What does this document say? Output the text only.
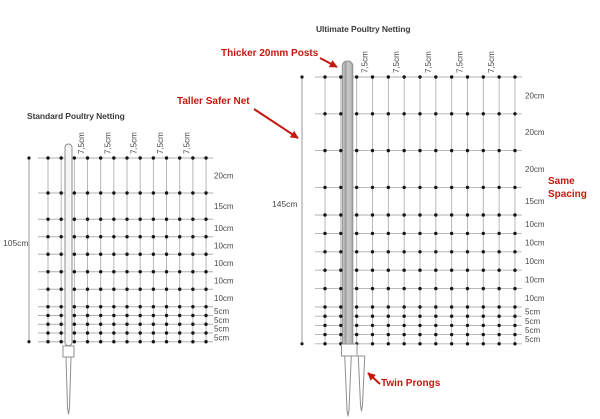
105cm
20cm
15cm
10cm
10cm
10cm
10cm
10cm
5cm
5cm
5cm
5cm
7,5cm 7,5cm 7,5cm 7,5cm 7,5cm
145cm
20cm
20cm
20cm
15cm
10cm
10cm
10cm
10cm
10cm
5cm
5cm
5cm
5cm
7,5cm	7,5cm	7,5cm	7,5cm	7,5cm
Standard Poultry Netting
Ultimate Poultry Netting
Thicker 20mm Posts
Taller Safer Net
Same Spacing
Twin Prongs
